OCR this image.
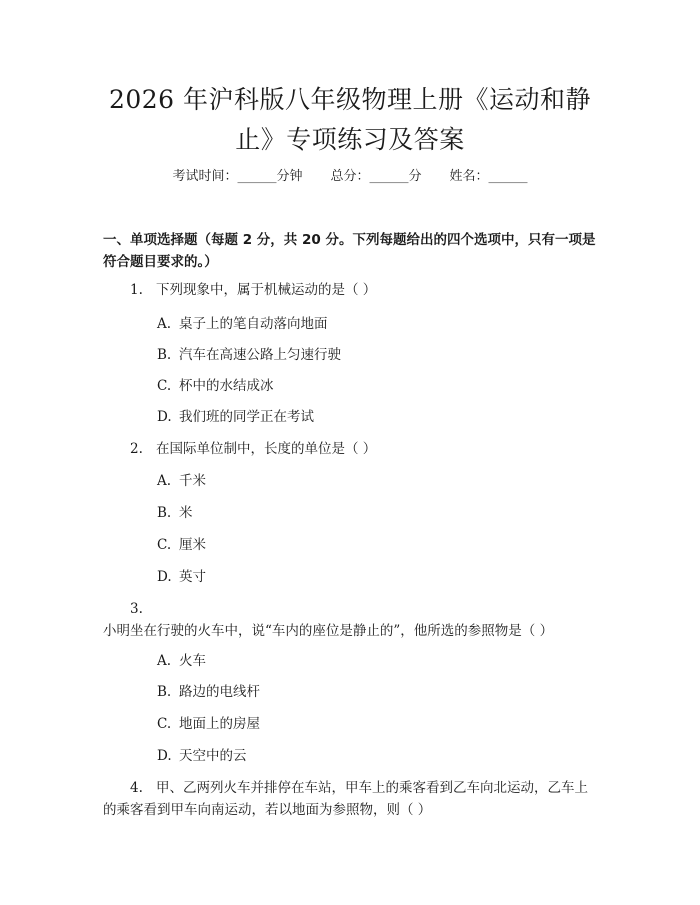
2026 年沪科版八年级物理上册《运动和静
止》专项练习及答案
考试时间：______分钟 总分：______分 姓名：______
一、单项选择题（每题 2 分，共 20 分。下列每题给出的四个选项中，只有一项是符合题目要求的。）
1. 下列现象中，属于机械运动的是（ ）
A. 桌子上的笔自动落向地面
B. 汽车在高速公路上匀速行驶
C. 杯中的水结成冰
D. 我们班的同学正在考试
2. 在国际单位制中，长度的单位是（ ）
A. 千米
B. 米
C. 厘米
D. 英寸
3.小明坐在行驶的火车中，说“车内的座位是静止的”，他所选的参照物是（ ）
A. 火车
B. 路边的电线杆
C. 地面上的房屋
D. 天空中的云
4. 甲、乙两列火车并排停在车站，甲车上的乘客看到乙车向北运动，乙车上的乘客看到甲车向南运动，若以地面为参照物，则（ ）
